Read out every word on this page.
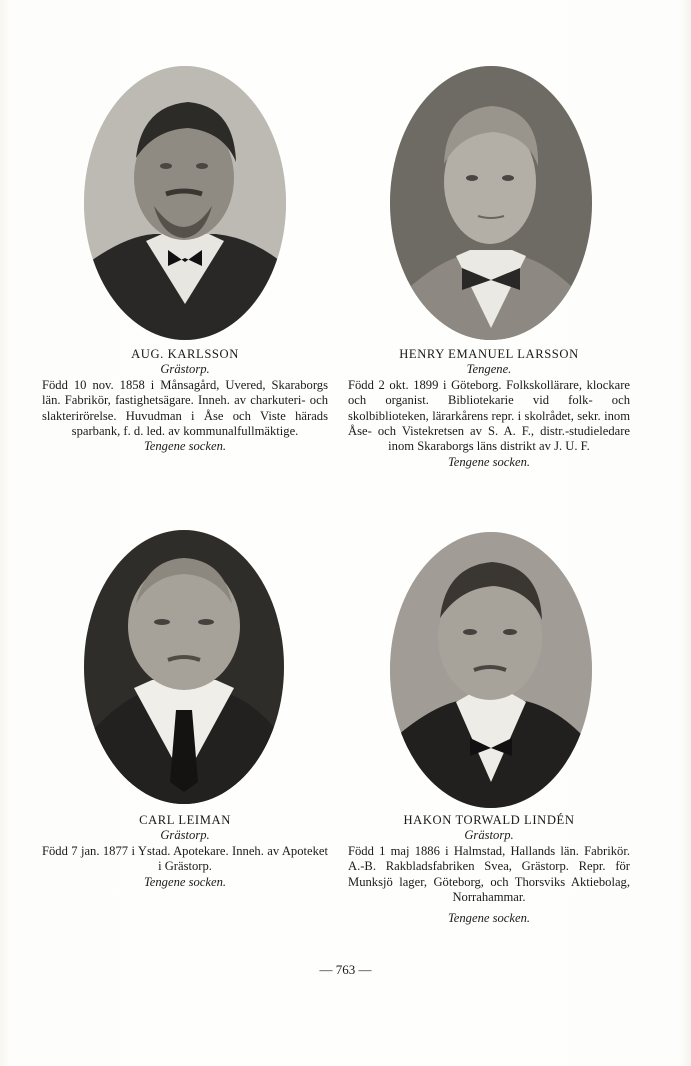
AUG. KARLSSON
Grästorp.
Född 10 nov. 1858 i Månsagård, Uvered, Skaraborgs län. Fabrikör, fastighetsägare. Inneh. av charkuteri- och slakterirörelse. Huvudman i Åse och Viste härads sparbank, f. d. led. av kommunalfullmäktige.
Tengene socken.
HENRY EMANUEL LARSSON
Tengene.
Född 2 okt. 1899 i Göteborg. Folkskollärare, klockare och organist. Bibliotekarie vid folk- och skolbiblioteken, lärarkårens repr. i skolrådet, sekr. inom Åse- och Vistekretsen av S. A. F., distr.-studieledare inom Skaraborgs läns distrikt av J. U. F.
Tengene socken.
CARL LEIMAN
Grästorp.
Född 7 jan. 1877 i Ystad. Apotekare. Inneh. av Apoteket i Grästorp.
Tengene socken.
HAKON TORWALD LINDÉN
Grästorp.
Född 1 maj 1886 i Halmstad, Hallands län. Fabrikör. A.-B. Rakbladsfabriken Svea, Grästorp. Repr. för Munksjö lager, Göteborg, och Thorsviks Aktiebolag, Norrahammar.
Tengene socken.
— 763 —
